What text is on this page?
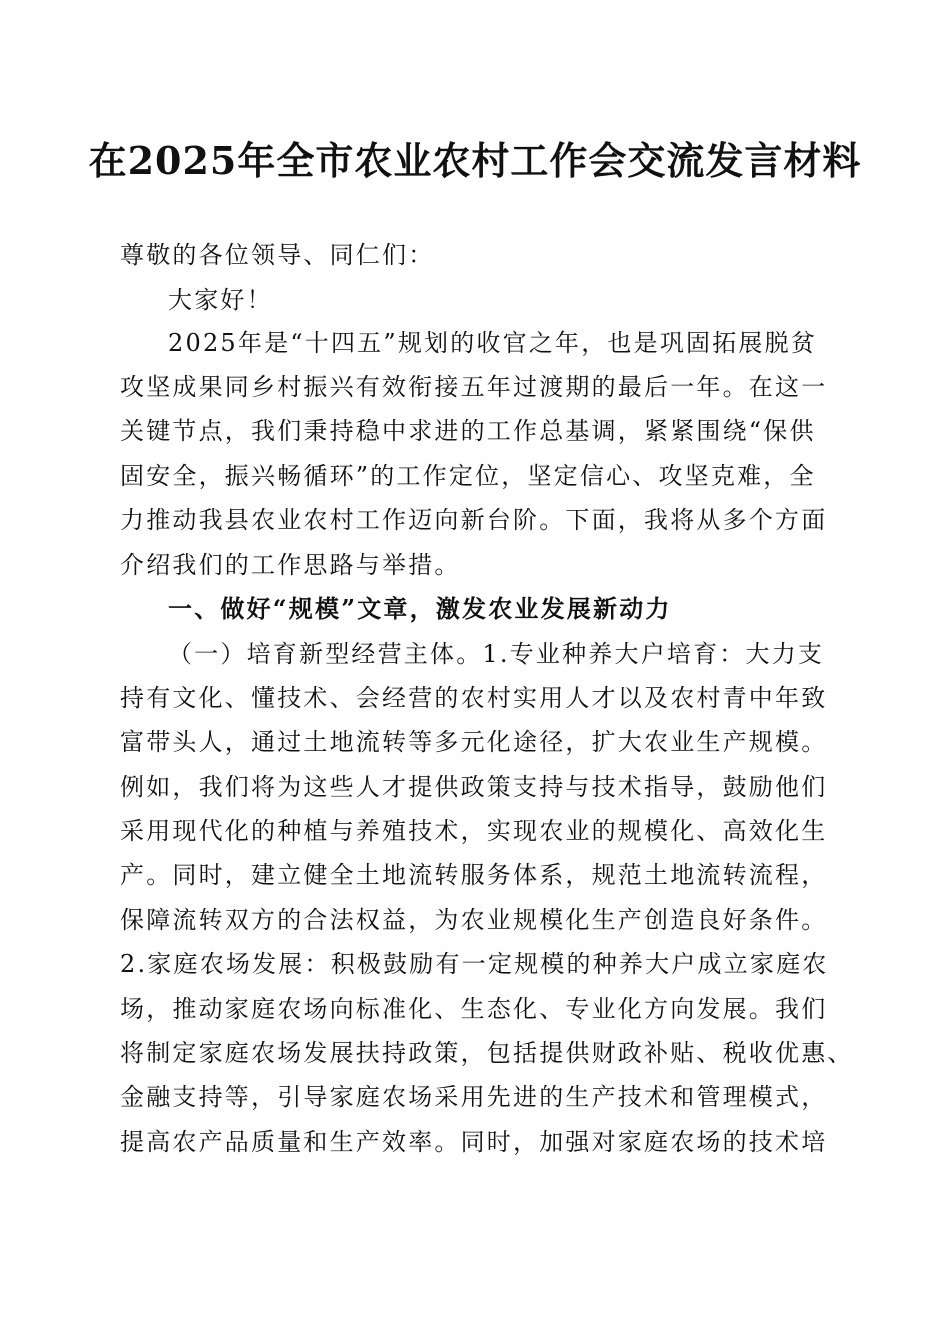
在2025年全市农业农村工作会交流发言材料
尊敬的各位领导、同仁们：
大家好！
2025年是“十四五”规划的收官之年，也是巩固拓展脱贫
攻坚成果同乡村振兴有效衔接五年过渡期的最后一年。在这一
关键节点，我们秉持稳中求进的工作总基调，紧紧围绕“保供
固安全，振兴畅循环”的工作定位，坚定信心、攻坚克难，全
力推动我县农业农村工作迈向新台阶。下面，我将从多个方面
介绍我们的工作思路与举措。
一、做好“规模”文章，激发农业发展新动力
（一）培育新型经营主体。1.专业种养大户培育：大力支
持有文化、懂技术、会经营的农村实用人才以及农村青中年致
富带头人，通过土地流转等多元化途径，扩大农业生产规模。
例如，我们将为这些人才提供政策支持与技术指导，鼓励他们
采用现代化的种植与养殖技术，实现农业的规模化、高效化生
产。同时，建立健全土地流转服务体系，规范土地流转流程，
保障流转双方的合法权益，为农业规模化生产创造良好条件。
2.家庭农场发展：积极鼓励有一定规模的种养大户成立家庭农
场，推动家庭农场向标准化、生态化、专业化方向发展。我们
将制定家庭农场发展扶持政策，包括提供财政补贴、税收优惠、
金融支持等，引导家庭农场采用先进的生产技术和管理模式，
提高农产品质量和生产效率。同时，加强对家庭农场的技术培
